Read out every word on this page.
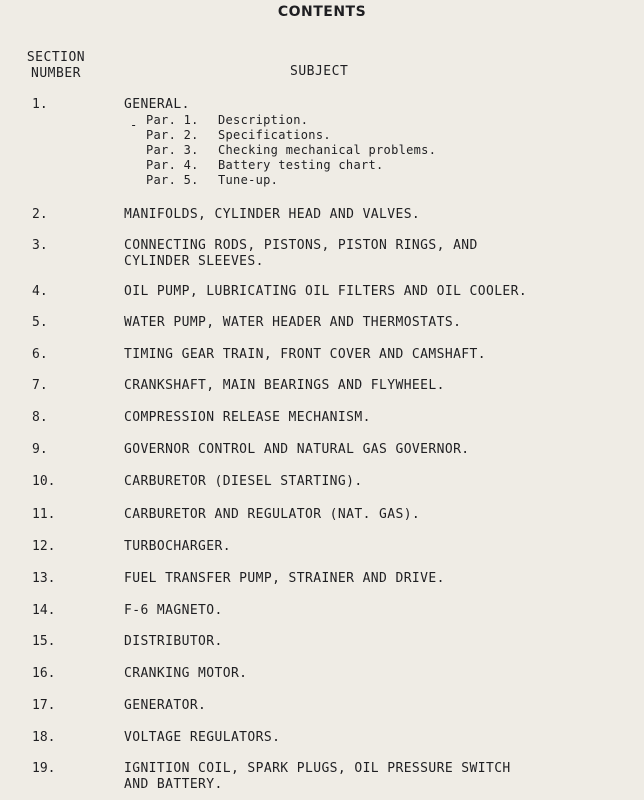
CONTENTS
SECTION
NUMBER	SUBJECT
1.	GENERAL.
- Par. 1. Description.
Par. 2. Specifications.
Par. 3. Checking mechanical problems.
Par. 4. Battery testing chart.
Par. 5. Tune-up.
2.	MANIFOLDS, CYLINDER HEAD AND VALVES.
3.	CONNECTING RODS, PISTONS, PISTON RINGS, AND
CYLINDER SLEEVES.
4.	OIL PUMP, LUBRICATING OIL FILTERS AND OIL COOLER.
5.	WATER PUMP, WATER HEADER AND THERMOSTATS.
6.	TIMING GEAR TRAIN, FRONT COVER AND CAMSHAFT.
7.	CRANKSHAFT, MAIN BEARINGS AND FLYWHEEL.
8.	COMPRESSION RELEASE MECHANISM.
9.	GOVERNOR CONTROL AND NATURAL GAS GOVERNOR.
10.	CARBURETOR (DIESEL STARTING).
11.	CARBURETOR AND REGULATOR (NAT. GAS).
12.	TURBOCHARGER.
13.	FUEL TRANSFER PUMP, STRAINER AND DRIVE.
14.	F-6 MAGNETO.
15.	DISTRIBUTOR.
16.	CRANKING MOTOR.
17.	GENERATOR.
18.	VOLTAGE REGULATORS.
19.	IGNITION COIL, SPARK PLUGS, OIL PRESSURE SWITCH
AND BATTERY.
